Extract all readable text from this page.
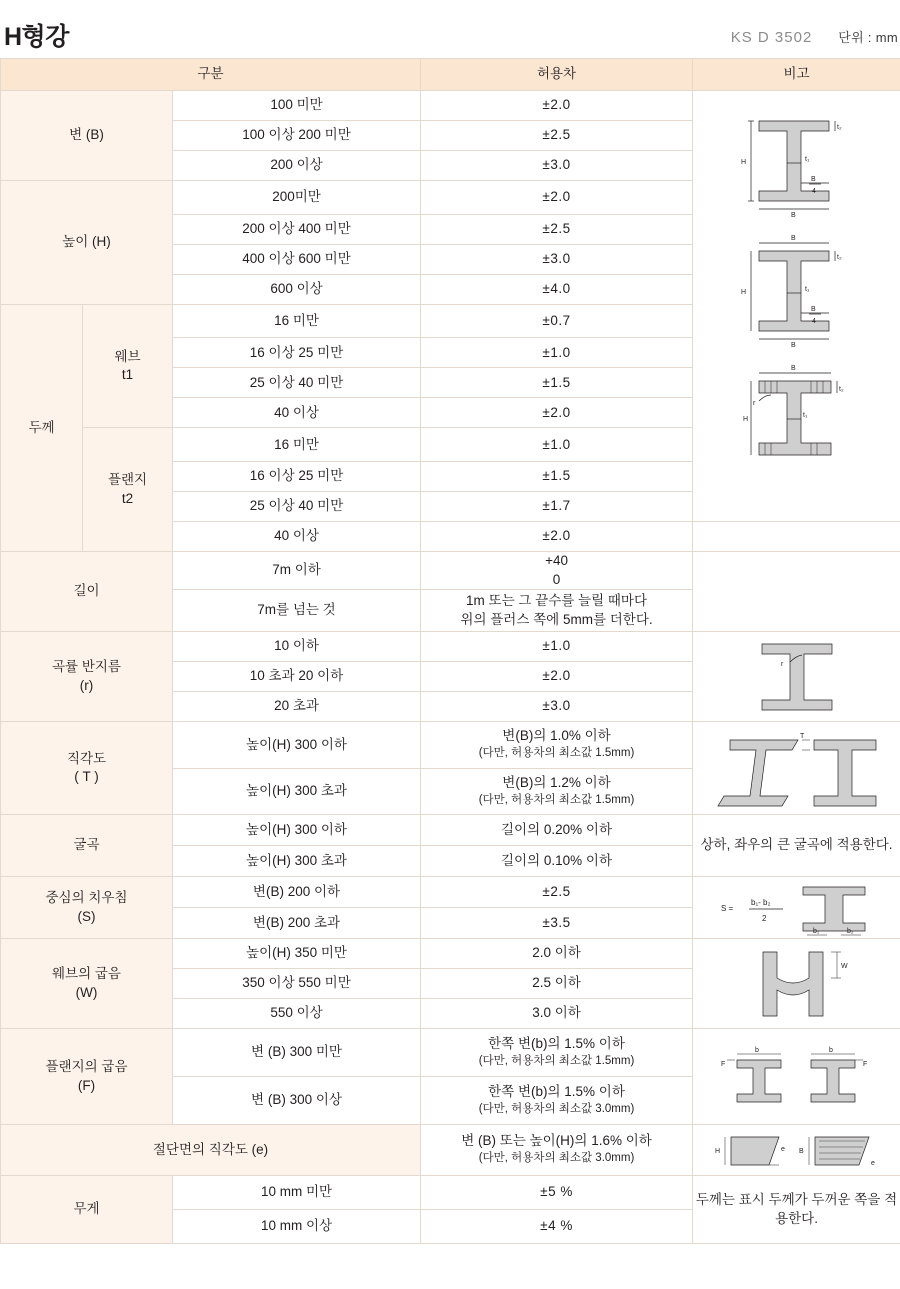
H형강	KS D 3502 단위 : mm
구분			허용차	비고
변 (B)	100 미만	±2.0	
H
t₂
t₁
B
B
4
B
H
t₂
t₁
B
B
4
B
H
t₂
t₁
r

		100 이상 200 미만	±2.5	
		200 이상	±3.0	
높이 (H)		200미만	±2.0	
		200 이상 400 미만	±2.5	
		400 이상 600 미만	±3.0	
		600 이상	±4.0	
두께	웨브
t1	16 미만	±0.7	
		16 이상 25 미만	±1.0	
		25 이상 40 미만	±1.5	
		40 이상	±2.0	
	플랜지
t2	16 미만	±1.0	
		16 이상 25 미만	±1.5	
		25 이상 40 미만	±1.7	
		40 이상	±2.0	
길이		7m 이하	+40
0	
		7m를 넘는 것	1m 또는 그 끝수를 늘릴 때마다
위의 플러스 쪽에 5mm를 더한다.	
곡률 반지름
(r)		10 이하	±1.0	r

		10 초과 20 이하	±2.0	
		20 초과	±3.0	
직각도
( T )		높이(H) 300 이하	변(B)의 1.0% 이하
(다만, 허용차의 최소값 1.5mm)	T

		높이(H) 300 초과	변(B)의 1.2% 이하
(다만, 허용차의 최소값 1.5mm)	

굴곡		높이(H) 300 이하	길이의 0.20% 이하	상하, 좌우의 큰 굴곡에 적용한다.
		높이(H) 300 초과	길이의 0.10% 이하	
중심의 치우침
(S)		변(B) 200 이하	±2.5	S =
b₁- b₂
2
b₁ b₂

		변(B) 200 초과	±3.5	
웨브의 굽음
(W)		높이(H) 350 미만	2.0 이하	W

		350 이상 550 미만	2.5 이하	
		550 이상	3.0 이하	
플랜지의 굽음
(F)		변 (B) 300 미만	한쪽 변(b)의 1.5% 이하
(다만, 허용차의 최소값 1.5mm)	b
F
b
F

		변 (B) 300 이상	한쪽 변(b)의 1.5% 이하
(다만, 허용차의 최소값 3.0mm)	

절단면의 직각도 (e)			변 (B) 또는 높이(H)의 1.6% 이하
(다만, 허용차의 최소값 3.0mm)	H e B
e

무게		10 mm 미만	±5 %	두께는 표시 두께가 두꺼운 쪽을 적용한다.
		10 mm 이상	±4 %	
